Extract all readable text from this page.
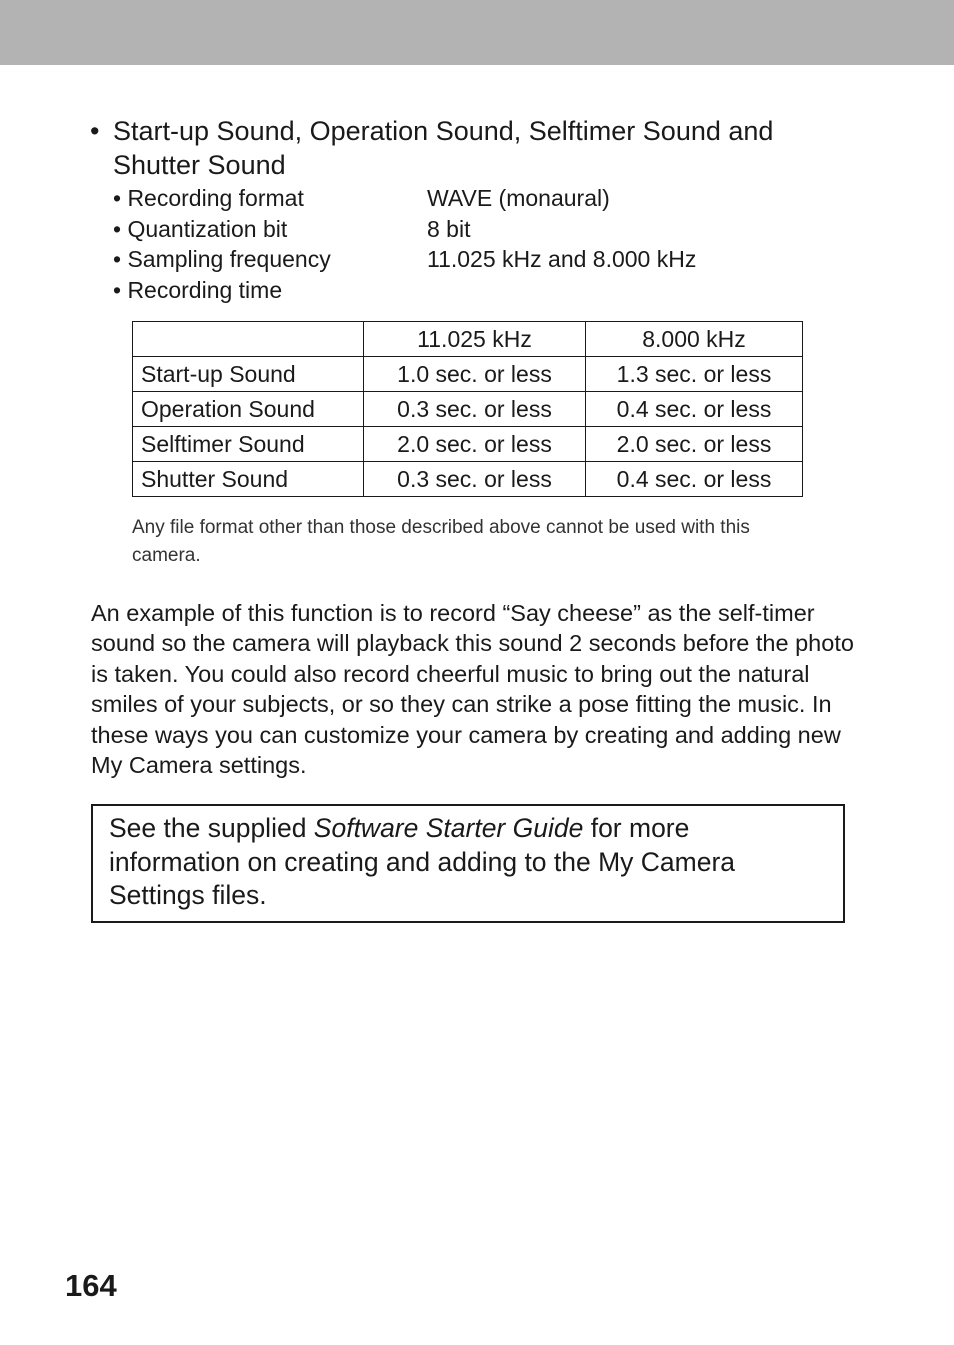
• Start-up Sound, Operation Sound, Selftimer Sound and Shutter Sound
• Recording format	WAVE (monaural)
• Quantization bit	8 bit
• Sampling frequency	11.025 kHz and 8.000 kHz
• Recording time
	11.025 kHz	8.000 kHz
Start-up Sound	1.0 sec. or less	1.3 sec. or less
Operation Sound	0.3 sec. or less	0.4 sec. or less
Selftimer Sound	2.0 sec. or less	2.0 sec. or less
Shutter Sound	0.3 sec. or less	0.4 sec. or less
Any file format other than those described above cannot be used with this camera.
An example of this function is to record “Say cheese” as the self-timer sound so the camera will playback this sound 2 seconds before the photo is taken. You could also record cheerful music to bring out the natural smiles of your subjects, or so they can strike a pose fitting the music. In these ways you can customize your camera by creating and adding new My Camera settings.
See the supplied Software Starter Guide for more information on creating and adding to the My Camera Settings files.
164
